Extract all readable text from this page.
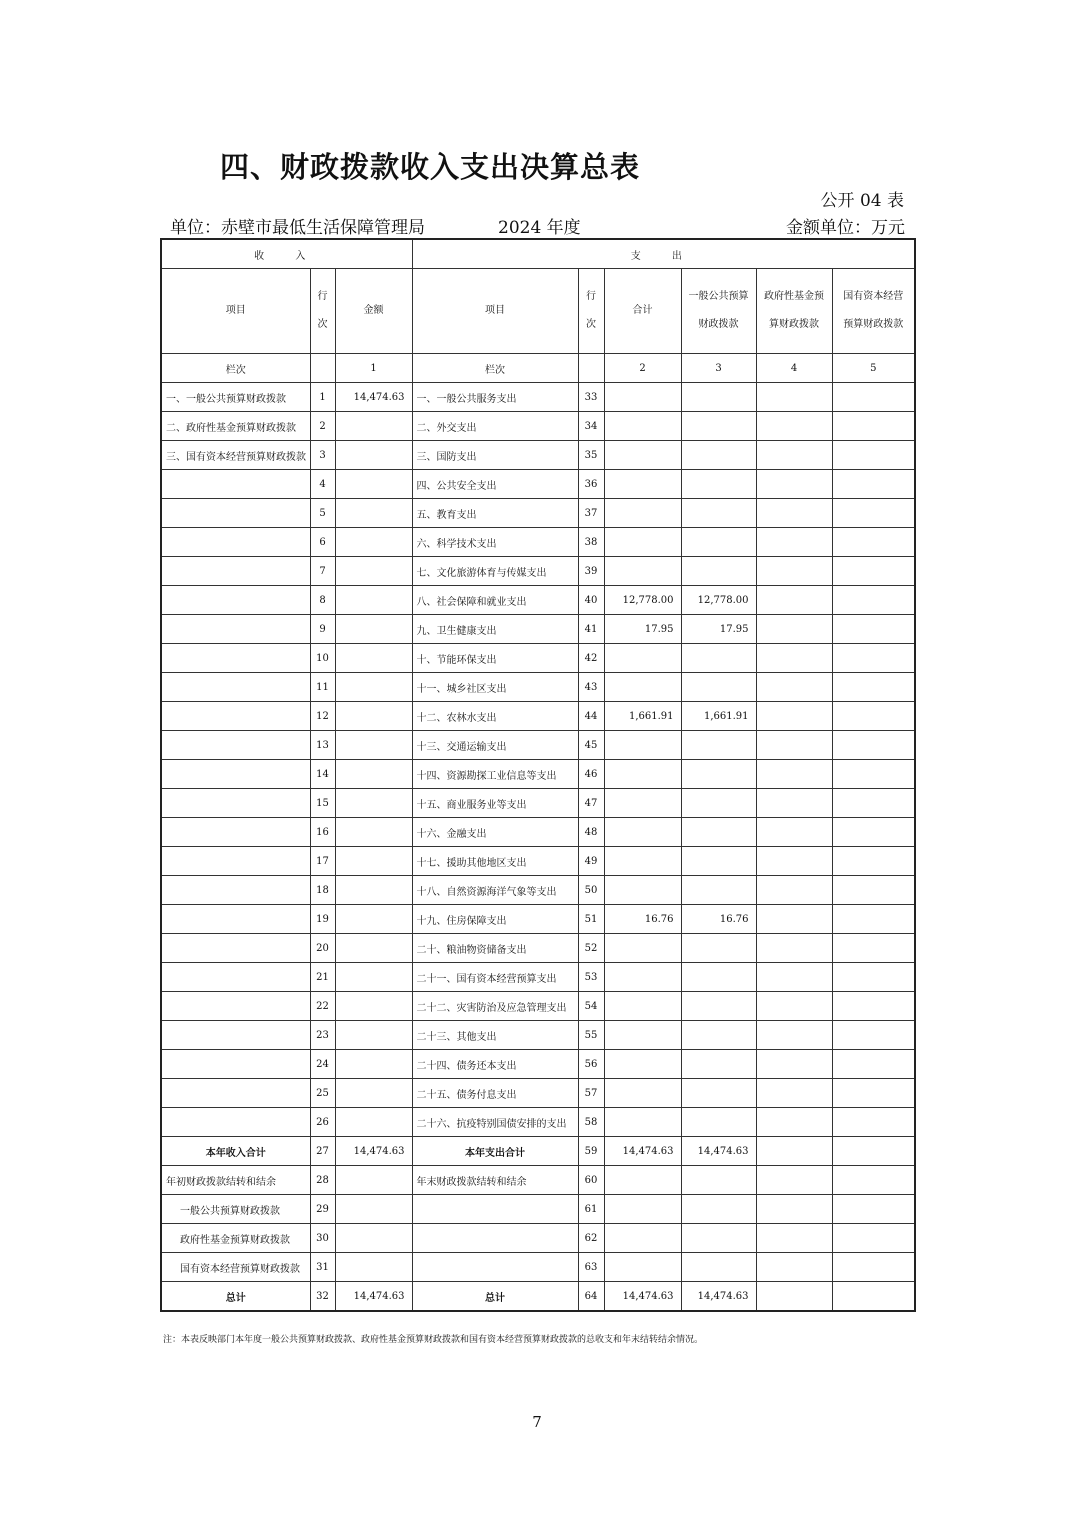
四、财政拨款收入支出决算总表
公开 04 表
单位：赤壁市最低生活保障管理局	2024 年度	金额单位：万元
收 入			支 出					
项目	行次	金额	项目	行次	合计	一般公共预算财政拨款	政府性基金预算财政拨款	国有资本经营预算财政拨款
栏次		1	栏次		2	3	4	5
一、一般公共预算财政拨款	1	14,474.63	一、一般公共服务支出	33				
二、政府性基金预算财政拨款	2		二、外交支出	34				
三、国有资本经营预算财政拨款	3		三、国防支出	35				
	4		四、公共安全支出	36				
	5		五、教育支出	37				
	6		六、科学技术支出	38				
	7		七、文化旅游体育与传媒支出	39				
	8		八、社会保障和就业支出	40	12,778.00	12,778.00		
	9		九、卫生健康支出	41	17.95	17.95		
	10		十、节能环保支出	42				
	11		十一、城乡社区支出	43				
	12		十二、农林水支出	44	1,661.91	1,661.91		
	13		十三、交通运输支出	45				
	14		十四、资源勘探工业信息等支出	46				
	15		十五、商业服务业等支出	47				
	16		十六、金融支出	48				
	17		十七、援助其他地区支出	49				
	18		十八、自然资源海洋气象等支出	50				
	19		十九、住房保障支出	51	16.76	16.76		
	20		二十、粮油物资储备支出	52				
	21		二十一、国有资本经营预算支出	53				
	22		二十二、灾害防治及应急管理支出	54				
	23		二十三、其他支出	55				
	24		二十四、债务还本支出	56				
	25		二十五、债务付息支出	57				
	26		二十六、抗疫特别国债安排的支出	58				
本年收入合计	27	14,474.63	本年支出合计	59	14,474.63	14,474.63		
年初财政拨款结转和结余	28		年末财政拨款结转和结余	60				
一般公共预算财政拨款	29			61				
政府性基金预算财政拨款	30			62				
国有资本经营预算财政拨款	31			63				
总计	32	14,474.63	总计	64	14,474.63	14,474.63		
注：本表反映部门本年度一般公共预算财政拨款、政府性基金预算财政拨款和国有资本经营预算财政拨款的总收支和年末结转结余情况。
7
